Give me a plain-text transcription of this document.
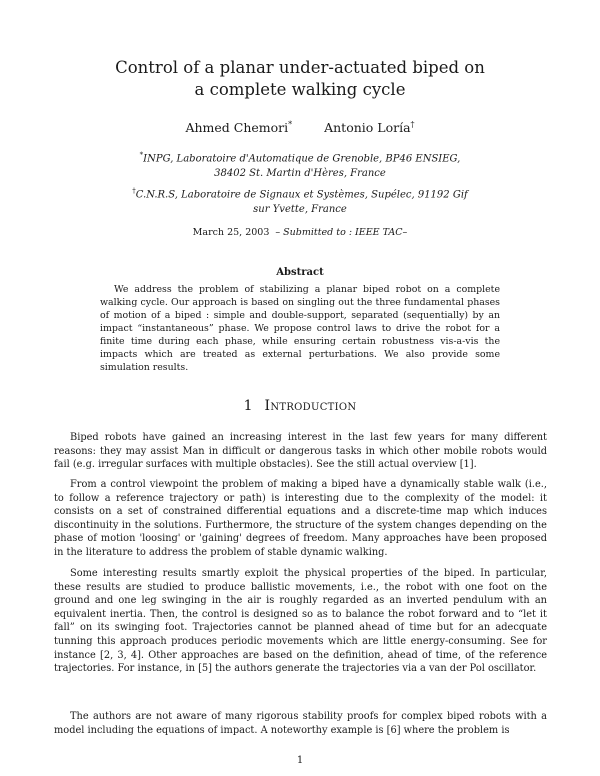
Control of a planar under-actuated biped on
a complete walking cycle
Ahmed Chemori*	Antonio Loría†
*INPG, Laboratoire d'Automatique de Grenoble, BP46 ENSIEG,
38402 St. Martin d'Hères, France
†C.N.R.S, Laboratoire de Signaux et Systèmes, Supélec, 91192 Gif
sur Yvette, France
March 25, 2003 – Submitted to : IEEE TAC–
Abstract
We address the problem of stabilizing a planar biped robot on a complete walking cycle. Our approach is based on singling out the three fundamental phases of motion of a biped : simple and double-support, separated (sequentially) by an impact “instantaneous” phase. We propose control laws to drive the robot for a finite time during each phase, while ensuring certain robustness vis-a-vis the impacts which are treated as external perturbations. We also provide some simulation results.
1 Introduction
Biped robots have gained an increasing interest in the last few years for many different reasons: they may assist Man in difficult or dangerous tasks in which other mobile robots would fail (e.g. irregular surfaces with multiple obstacles). See the still actual overview [1].
From a control viewpoint the problem of making a biped have a dynamically stable walk (i.e., to follow a reference trajectory or path) is interesting due to the complexity of the model: it consists on a set of constrained differential equations and a discrete-time map which induces discontinuity in the solutions. Furthermore, the structure of the system changes depending on the phase of motion 'loosing' or 'gaining' degrees of freedom. Many approaches have been proposed in the literature to address the problem of stable dynamic walking.
Some interesting results smartly exploit the physical properties of the biped. In particular, these results are studied to produce ballistic movements, i.e., the robot with one foot on the ground and one leg swinging in the air is roughly regarded as an inverted pendulum with an equivalent inertia. Then, the control is designed so as to balance the robot forward and to “let it fall” on its swinging foot. Trajectories cannot be planned ahead of time but for an adecquate tunning this approach produces periodic movements which are little energy-consuming. See for instance [2, 3, 4]. Other approaches are based on the definition, ahead of time, of the reference trajectories. For instance, in [5] the authors generate the trajectories via a van der Pol oscillator.
The authors are not aware of many rigorous stability proofs for complex biped robots with a model including the equations of impact. A noteworthy example is [6] where the problem is
1
